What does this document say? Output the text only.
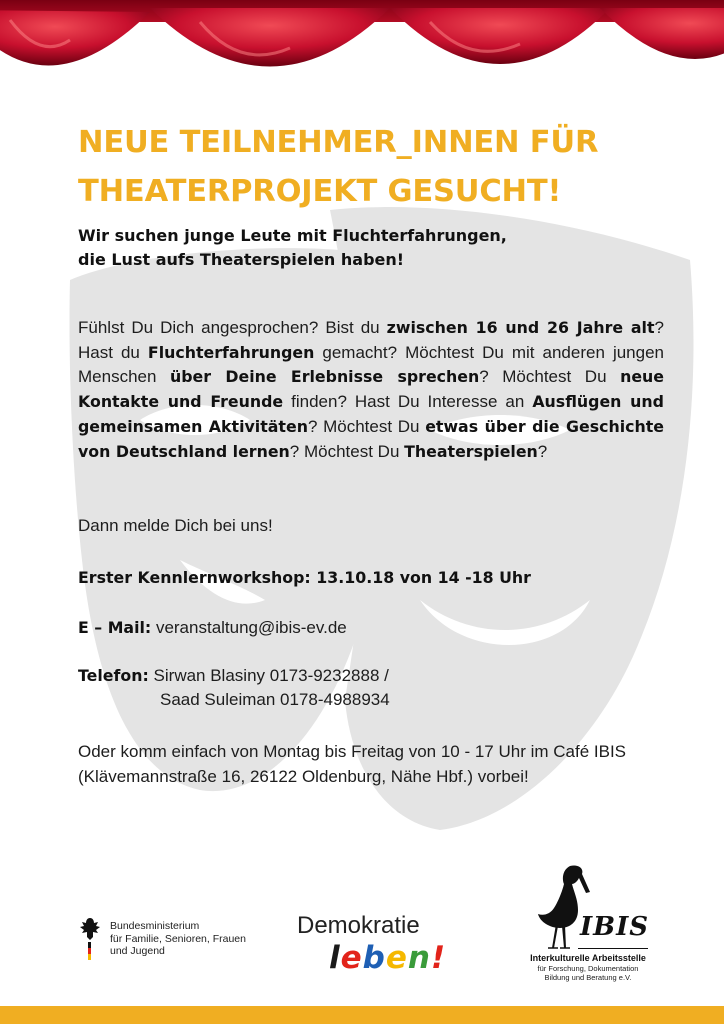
NEUE TEILNEHMER_INNEN FÜR
THEATERPROJEKT GESUCHT!

Wir suchen junge Leute mit Fluchterfahrungen,
die Lust aufs Theaterspielen haben!

Fühlst Du Dich angesprochen? Bist du zwischen 16 und 26 Jahre alt? Hast du Fluchterfahrungen gemacht? Möchtest Du mit anderen jungen Menschen über Deine Erlebnisse sprechen? Möchtest Du neue Kontakte und Freunde finden? Hast Du Interesse an Ausflügen und gemeinsamen Aktivitäten? Möchtest Du etwas über die Geschichte von Deutschland lernen? Möchtest Du Theaterspielen?

Dann melde Dich bei uns!

Erster Kennlernworkshop: 13.10.18 von 14 -18 Uhr

E – Mail: veranstaltung@ibis-ev.de

Telefon: Sirwan Blasiny 0173-9232888 /

Saad Suleiman 0178-4988934

Oder komm einfach von Montag bis Freitag von 10 - 17 Uhr im Café IBIS (Klävemannstraße 16, 26122 Oldenburg, Nähe Hbf.) vorbei!

Bundesministerium
für Familie, Senioren, Frauen
und Jugend
Demokratie
leben!
IBIS
Interkulturelle Arbeitsstelle
für Forschung, Dokumentation
Bildung und Beratung e.V.
